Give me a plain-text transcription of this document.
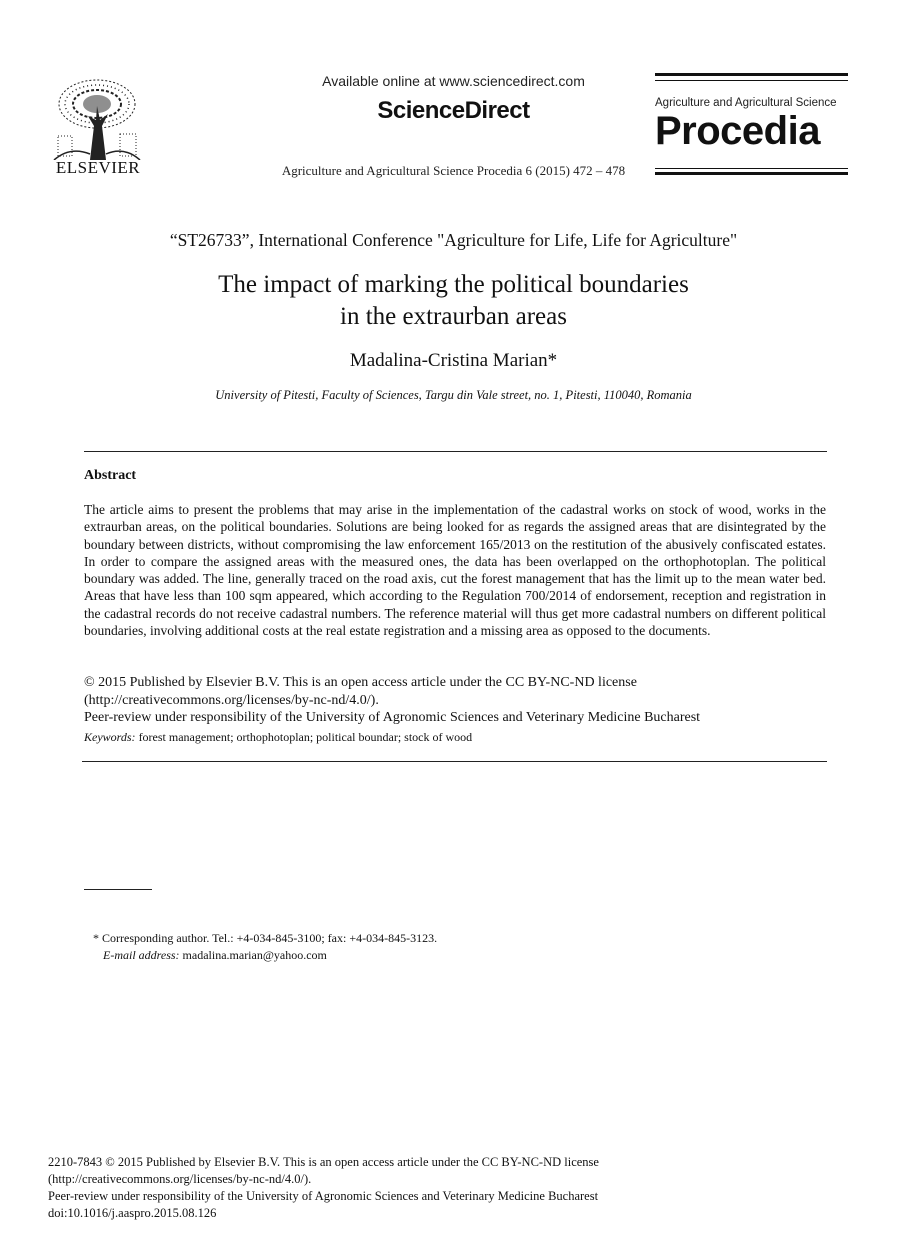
Available online at www.sciencedirect.com
ScienceDirect
Agriculture and Agricultural Science Procedia 6 (2015) 472 – 478
ELSEVIER
Agriculture and Agricultural Science
Procedia
“ST26733”, International Conference "Agriculture for Life, Life for Agriculture"
The impact of marking the political boundaries
in the extraurban areas
Madalina-Cristina Marian*
University of Pitesti, Faculty of Sciences, Targu din Vale street, no. 1, Pitesti, 110040, Romania
Abstract

The article aims to present the problems that may arise in the implementation of the cadastral works on stock of wood, works in the extraurban areas, on the political boundaries. Solutions are being looked for as regards the assigned areas that are disintegrated by the boundary between districts, without compromising the law enforcement 165/2013 on the restitution of the abusively confiscated estates. In order to compare the assigned areas with the measured ones, the data has been overlapped on the orthophotoplan. The political boundary was added. The line, generally traced on the road axis, cut the forest management that has the limit up to the mean water bed. Areas that have less than 100 sqm appeared, which according to the Regulation 700/2014 of endorsement, reception and registration in the cadastral records do not receive cadastral numbers. The reference material will thus get more cadastral numbers on different political boundaries, involving additional costs at the real estate registration and a missing area as opposed to the documents.

© 2015 Published by Elsevier B.V. This is an open access article under the CC BY-NC-ND license
(http://creativecommons.org/licenses/by-nc-nd/4.0/).
Peer-review under responsibility of the University of Agronomic Sciences and Veterinary Medicine Bucharest
Keywords: forest management; orthophotoplan; political boundar; stock of wood
* Corresponding author. Tel.: +4-034-845-3100; fax: +4-034-845-3123.
E-mail address: madalina.marian@yahoo.com
2210-7843 © 2015 Published by Elsevier B.V. This is an open access article under the CC BY-NC-ND license
(http://creativecommons.org/licenses/by-nc-nd/4.0/).
Peer-review under responsibility of the University of Agronomic Sciences and Veterinary Medicine Bucharest
doi:10.1016/j.aaspro.2015.08.126
